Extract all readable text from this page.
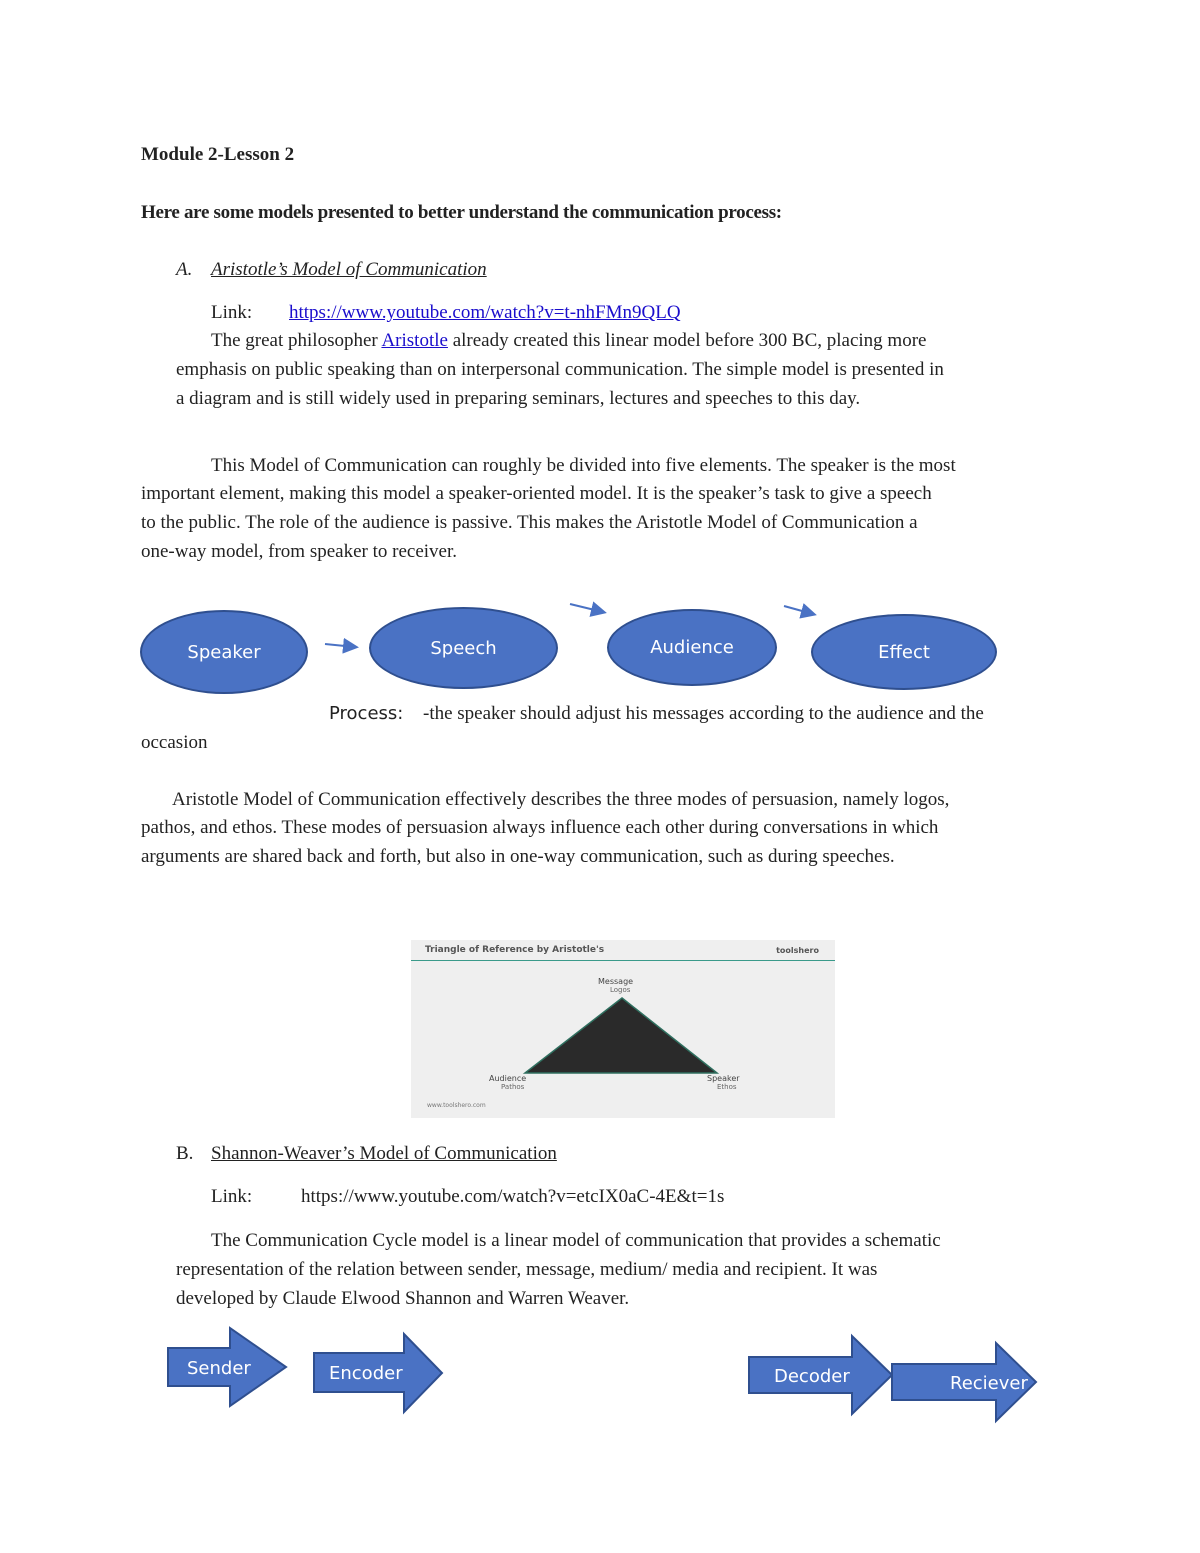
Module 2-Lesson 2
Here are some models presented to better understand the communication process:
A. Aristotle’s Model of Communication
Link: https://www.youtube.com/watch?v=t-nhFMn9QLQ
The great philosopher Aristotle already created this linear model before 300 BC, placing more
emphasis on public speaking than on interpersonal communication. The simple model is presented in
a diagram and is still widely used in preparing seminars, lectures and speeches to this day.
This Model of Communication can roughly be divided into five elements. The speaker is the most
important element, making this model a speaker-oriented model. It is the speaker’s task to give a speech
to the public. The role of the audience is passive. This makes the Aristotle Model of Communication a
one-way model, from speaker to receiver.
Speaker	Speech	Audience	Effect
Process: -the speaker should adjust his messages according to the audience and the
occasion
Aristotle Model of Communication effectively describes the three modes of persuasion, namely logos,
pathos, and ethos. These modes of persuasion always influence each other during conversations in which
arguments are shared back and forth, but also in one-way communication, such as during speeches.
Triangle of Reference by Aristotle's	toolshero
Message
Logos
Audience
Pathos
Speaker
Ethos
www.toolshero.com
B. Shannon-Weaver’s Model of Communication
Link:	https://www.youtube.com/watch?v=etcIX0aC-4E&t=1s
The Communication Cycle model is a linear model of communication that provides a schematic
representation of the relation between sender, message, medium/ media and recipient. It was
developed by Claude Elwood Shannon and Warren Weaver.
Sender	Encoder	Decoder	Reciever
